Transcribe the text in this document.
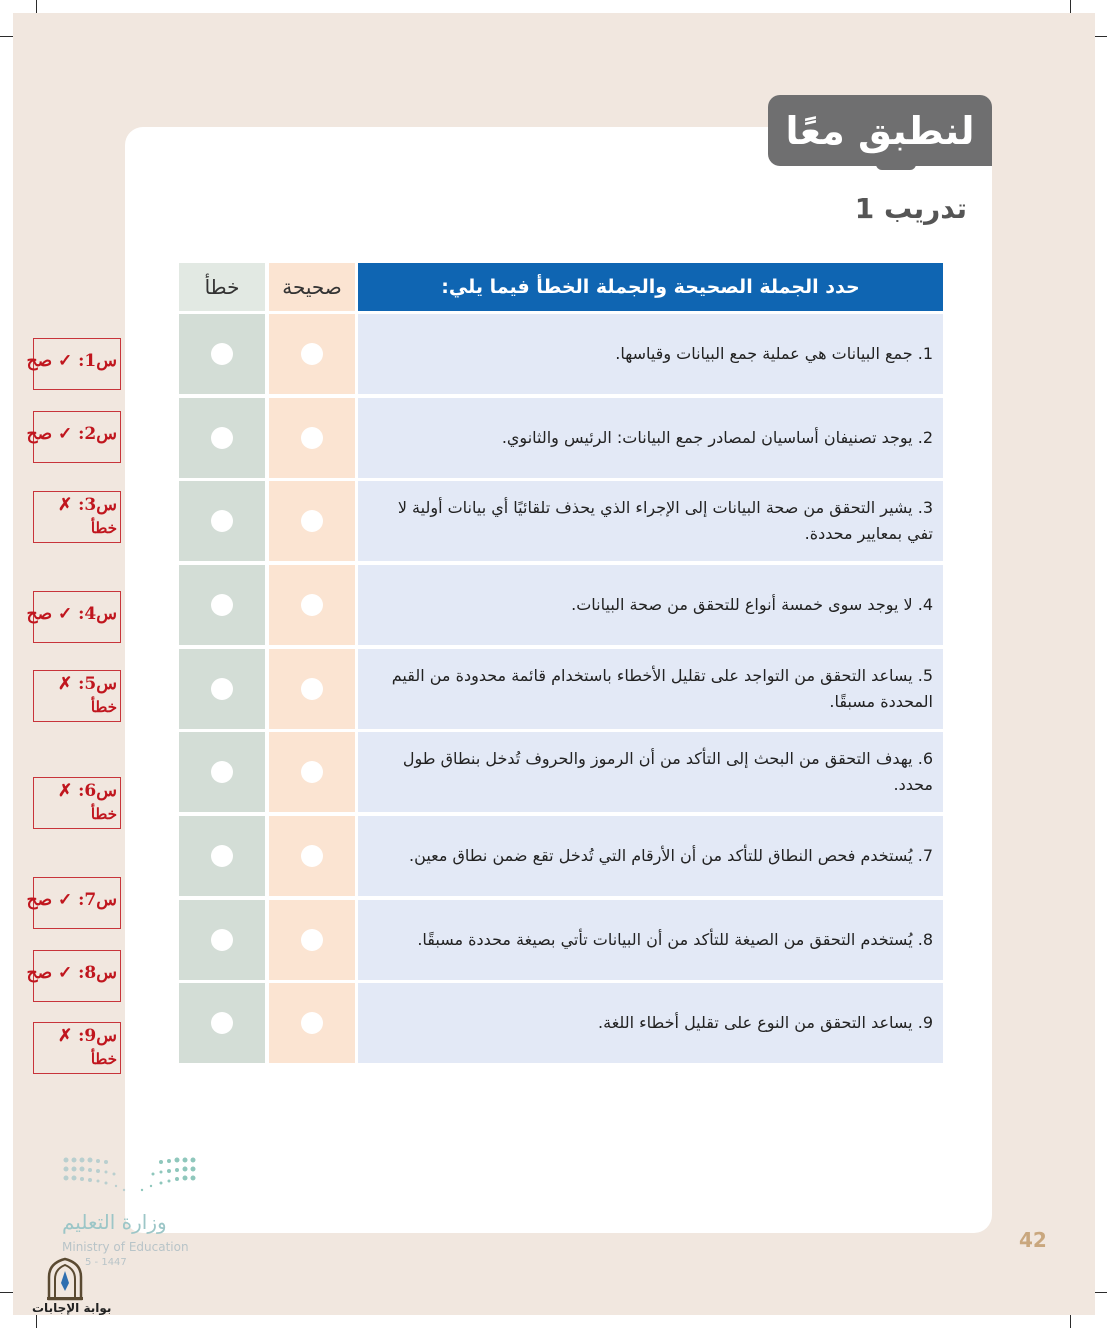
لنطبق معًا
تدريب 1
حدد الجملة الصحيحة والجملة الخطأ فيما يلي:
صحيحة
خطأ
1. جمع البيانات هي عملية جمع البيانات وقياسها.
2. يوجد تصنيفان أساسيان لمصادر جمع البيانات: الرئيس والثانوي.
3. يشير التحقق من صحة البيانات إلى الإجراء الذي يحذف تلقائيًا أي بيانات أولية لا تفي بمعايير محددة.
4. لا يوجد سوى خمسة أنواع للتحقق من صحة البيانات.
5. يساعد التحقق من التواجد على تقليل الأخطاء باستخدام قائمة محدودة من القيم المحددة مسبقًا.
6. يهدف التحقق من البحث إلى التأكد من أن الرموز والحروف تُدخل بنطاق طول محدد.
7. يُستخدم فحص النطاق للتأكد من أن الأرقام التي تُدخل تقع ضمن نطاق معين.
8. يُستخدم التحقق من الصيغة للتأكد من أن البيانات تأتي بصيغة محددة مسبقًا.
9. يساعد التحقق من النوع على تقليل أخطاء اللغة.
س1: ✓ صح
س2: ✓ صح
س3: ✗
خطأ
س4: ✓ صح
س5: ✗
خطأ
س6: ✗
خطأ
س7: ✓ صح
س8: ✓ صح
س9: ✗
خطأ
وزارة التعليم
Ministry of Education
5 - 1447
بوابة الإجابات
42
